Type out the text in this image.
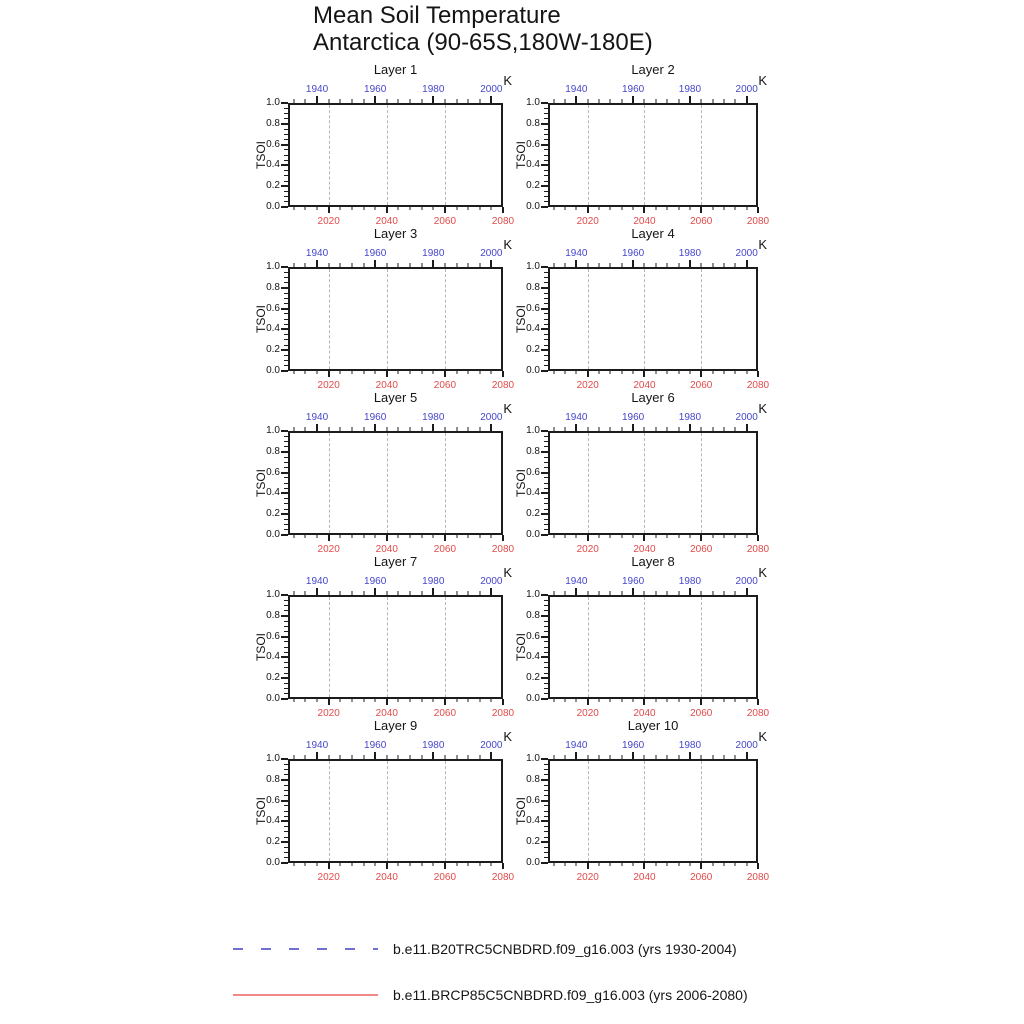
Mean Soil Temperature
Antarctica (90-65S,180W-180E)
Layer 1
K
1940	1960	1980	2000
2020	2040	2060	2080
1.0
0.8
0.6
0.4
0.2
0.0
TSOI
Layer 2
K
1940	1960	1980	2000
2020	2040	2060	2080
1.0
0.8
0.6
0.4
0.2
0.0
TSOI
Layer 3
K
1940	1960	1980	2000
2020	2040	2060	2080
1.0
0.8
0.6
0.4
0.2
0.0
TSOI
Layer 4
K
1940	1960	1980	2000
2020	2040	2060	2080
1.0
0.8
0.6
0.4
0.2
0.0
TSOI
Layer 5
K
1940	1960	1980	2000
2020	2040	2060	2080
1.0
0.8
0.6
0.4
0.2
0.0
TSOI
Layer 6
K
1940	1960	1980	2000
2020	2040	2060	2080
1.0
0.8
0.6
0.4
0.2
0.0
TSOI
Layer 7
K
1940	1960	1980	2000
2020	2040	2060	2080
1.0
0.8
0.6
0.4
0.2
0.0
TSOI
Layer 8
K
1940	1960	1980	2000
2020	2040	2060	2080
1.0
0.8
0.6
0.4
0.2
0.0
TSOI
Layer 9
K
1940	1960	1980	2000
2020	2040	2060	2080
1.0
0.8
0.6
0.4
0.2
0.0
TSOI
Layer 10
K
1940	1960	1980	2000
2020	2040	2060	2080
1.0
0.8
0.6
0.4
0.2
0.0
TSOI
b.e11.B20TRC5CNBDRD.f09_g16.003 (yrs 1930-2004)
b.e11.BRCP85C5CNBDRD.f09_g16.003 (yrs 2006-2080)
